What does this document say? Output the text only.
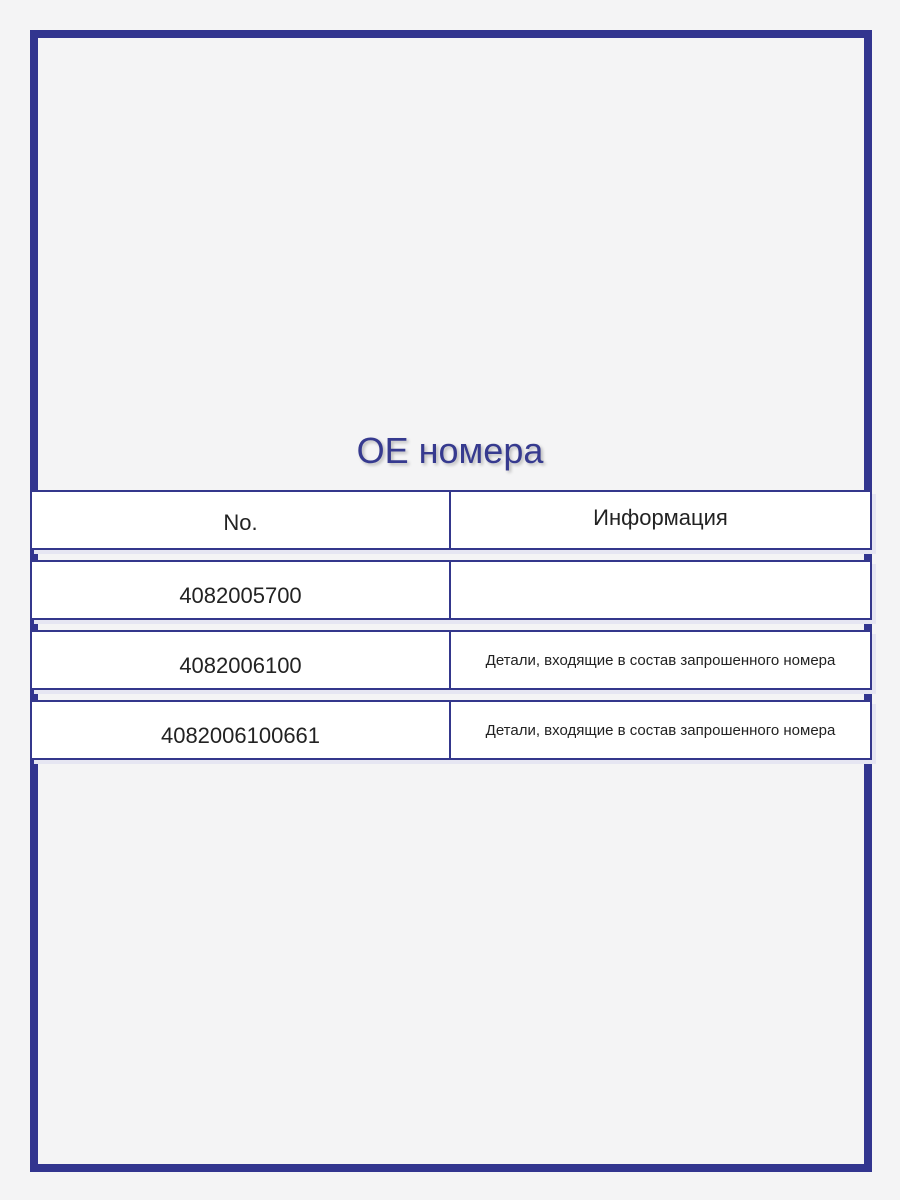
OE номера
No.	Информация
4082005700
4082006100	Детали, входящие в состав запрошенного номера
4082006100661	Детали, входящие в состав запрошенного номера
